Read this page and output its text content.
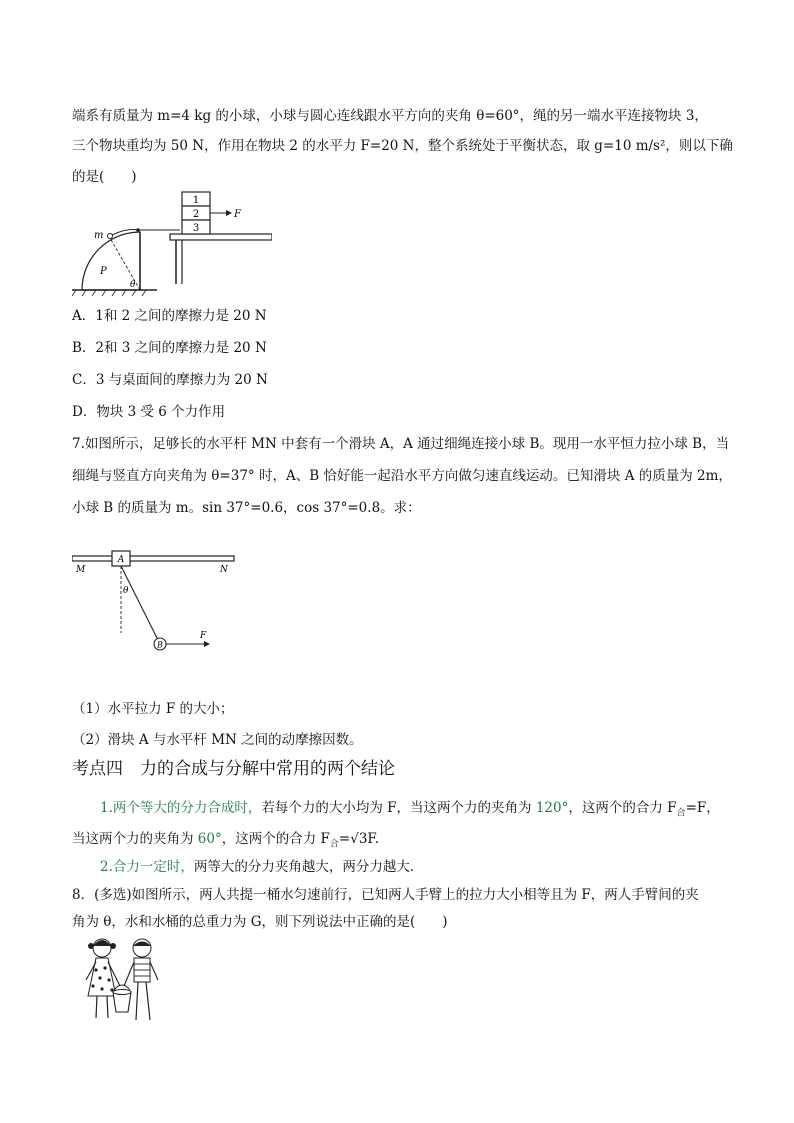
端系有质量为 m=4 kg 的小球，小球与圆心连线跟水平方向的夹角 θ=60°，绳的另一端水平连接物块 3，
三个物块重均为 50 N，作用在物块 2 的水平力 F=20 N，整个系统处于平衡状态，取 g=10 m/s²，则以下确
的是(　　)
1
2
3
F
m
P
θ
A．1和 2 之间的摩擦力是 20 N
B．2和 3 之间的摩擦力是 20 N
C．3 与桌面间的摩擦力为 20 N
D．物块 3 受 6 个力作用
7.如图所示，足够长的水平杆 MN 中套有一个滑块 A，A 通过细绳连接小球 B。现用一水平恒力拉小球 B，当
细绳与竖直方向夹角为 θ=37° 时，A、B 恰好能一起沿水平方向做匀速直线运动。已知滑块 A 的质量为 2m，
小球 B 的质量为 m。sin 37°=0.6，cos 37°=0.8。求：
A
M	N
θ
B
F
（1）水平拉力 F 的大小；
（2）滑块 A 与水平杆 MN 之间的动摩擦因数。
考点四　力的合成与分解中常用的两个结论
1.两个等大的分力合成时，若每个力的大小均为 F，当这两个力的夹角为 120°，这两个的合力 $F_合=F$，
当这两个力的夹角为 60°，这两个的合力 $F_合=√3F$.
2.合力一定时，两等大的分力夹角越大，两分力越大．
8．(多选)如图所示，两人共提一桶水匀速前行，已知两人手臂上的拉力大小相等且为 F，两人手臂间的夹
角为 θ，水和水桶的总重力为 G，则下列说法中正确的是(　　)
